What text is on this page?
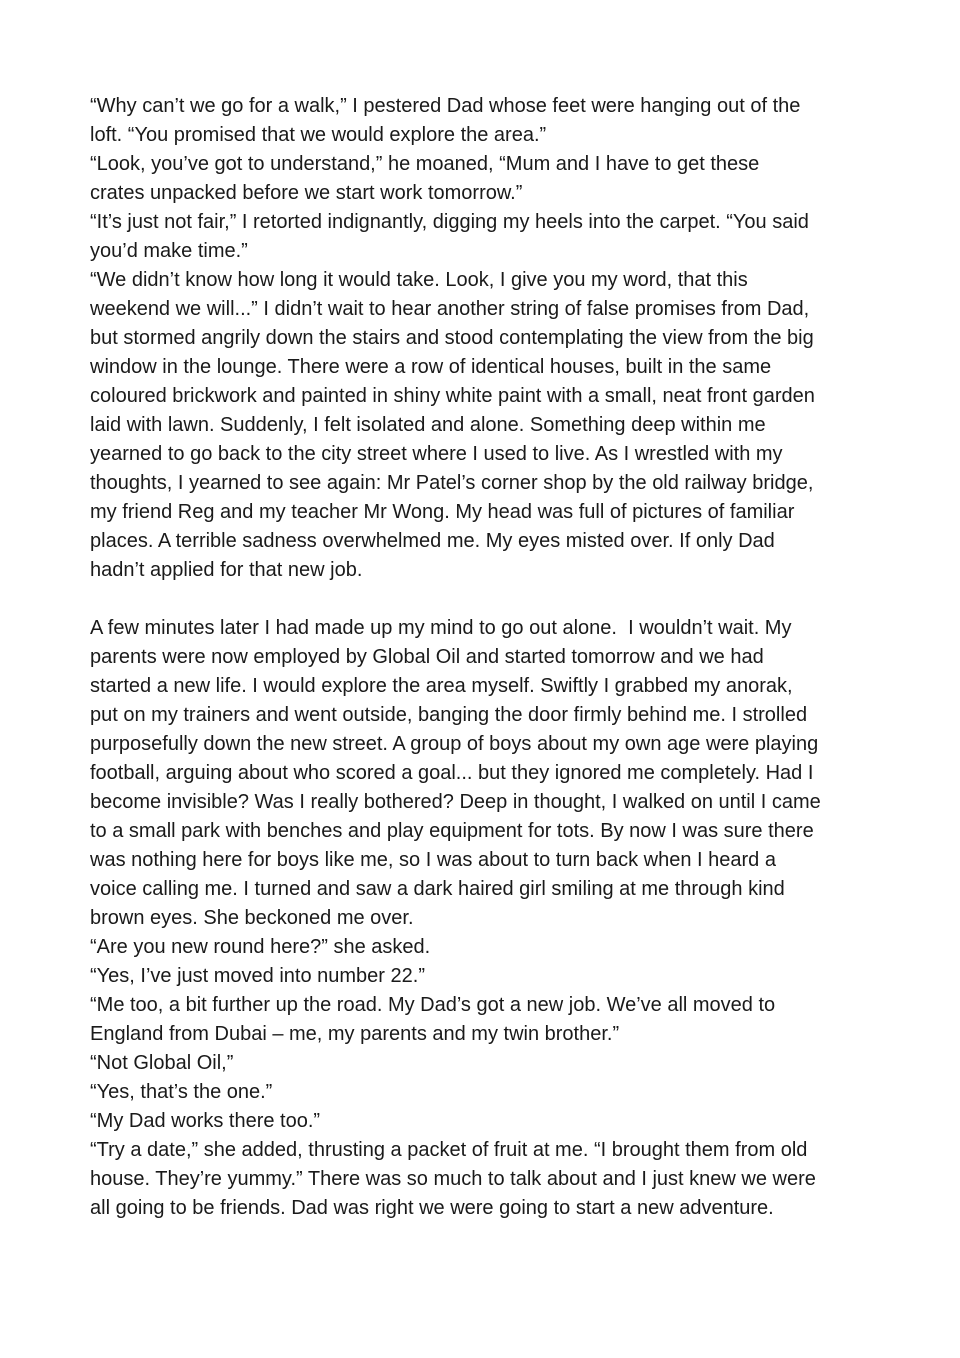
“Why can’t we go for a walk,” I pestered Dad whose feet were hanging out of the
loft. “You promised that we would explore the area.”
“Look, you’ve got to understand,” he moaned, “Mum and I have to get these
crates unpacked before we start work tomorrow.”
“It’s just not fair,” I retorted indignantly, digging my heels into the carpet. “You said
you’d make time.”
“We didn’t know how long it would take. Look, I give you my word, that this
weekend we will...” I didn’t wait to hear another string of false promises from Dad,
but stormed angrily down the stairs and stood contemplating the view from the big
window in the lounge. There were a row of identical houses, built in the same
coloured brickwork and painted in shiny white paint with a small, neat front garden
laid with lawn. Suddenly, I felt isolated and alone. Something deep within me
yearned to go back to the city street where I used to live. As I wrestled with my
thoughts, I yearned to see again: Mr Patel’s corner shop by the old railway bridge,
my friend Reg and my teacher Mr Wong. My head was full of pictures of familiar
places. A terrible sadness overwhelmed me. My eyes misted over. If only Dad
hadn’t applied for that new job.
A few minutes later I had made up my mind to go out alone.  I wouldn’t wait. My
parents were now employed by Global Oil and started tomorrow and we had
started a new life. I would explore the area myself. Swiftly I grabbed my anorak,
put on my trainers and went outside, banging the door firmly behind me. I strolled
purposefully down the new street. A group of boys about my own age were playing
football, arguing about who scored a goal... but they ignored me completely. Had I
become invisible? Was I really bothered? Deep in thought, I walked on until I came
to a small park with benches and play equipment for tots. By now I was sure there
was nothing here for boys like me, so I was about to turn back when I heard a
voice calling me. I turned and saw a dark haired girl smiling at me through kind
brown eyes. She beckoned me over.
“Are you new round here?” she asked.
“Yes, I’ve just moved into number 22.”
“Me too, a bit further up the road. My Dad’s got a new job. We’ve all moved to
England from Dubai – me, my parents and my twin brother.”
“Not Global Oil,”
“Yes, that’s the one.”
“My Dad works there too.”
“Try a date,” she added, thrusting a packet of fruit at me. “I brought them from old
house. They’re yummy.” There was so much to talk about and I just knew we were
all going to be friends. Dad was right we were going to start a new adventure.
